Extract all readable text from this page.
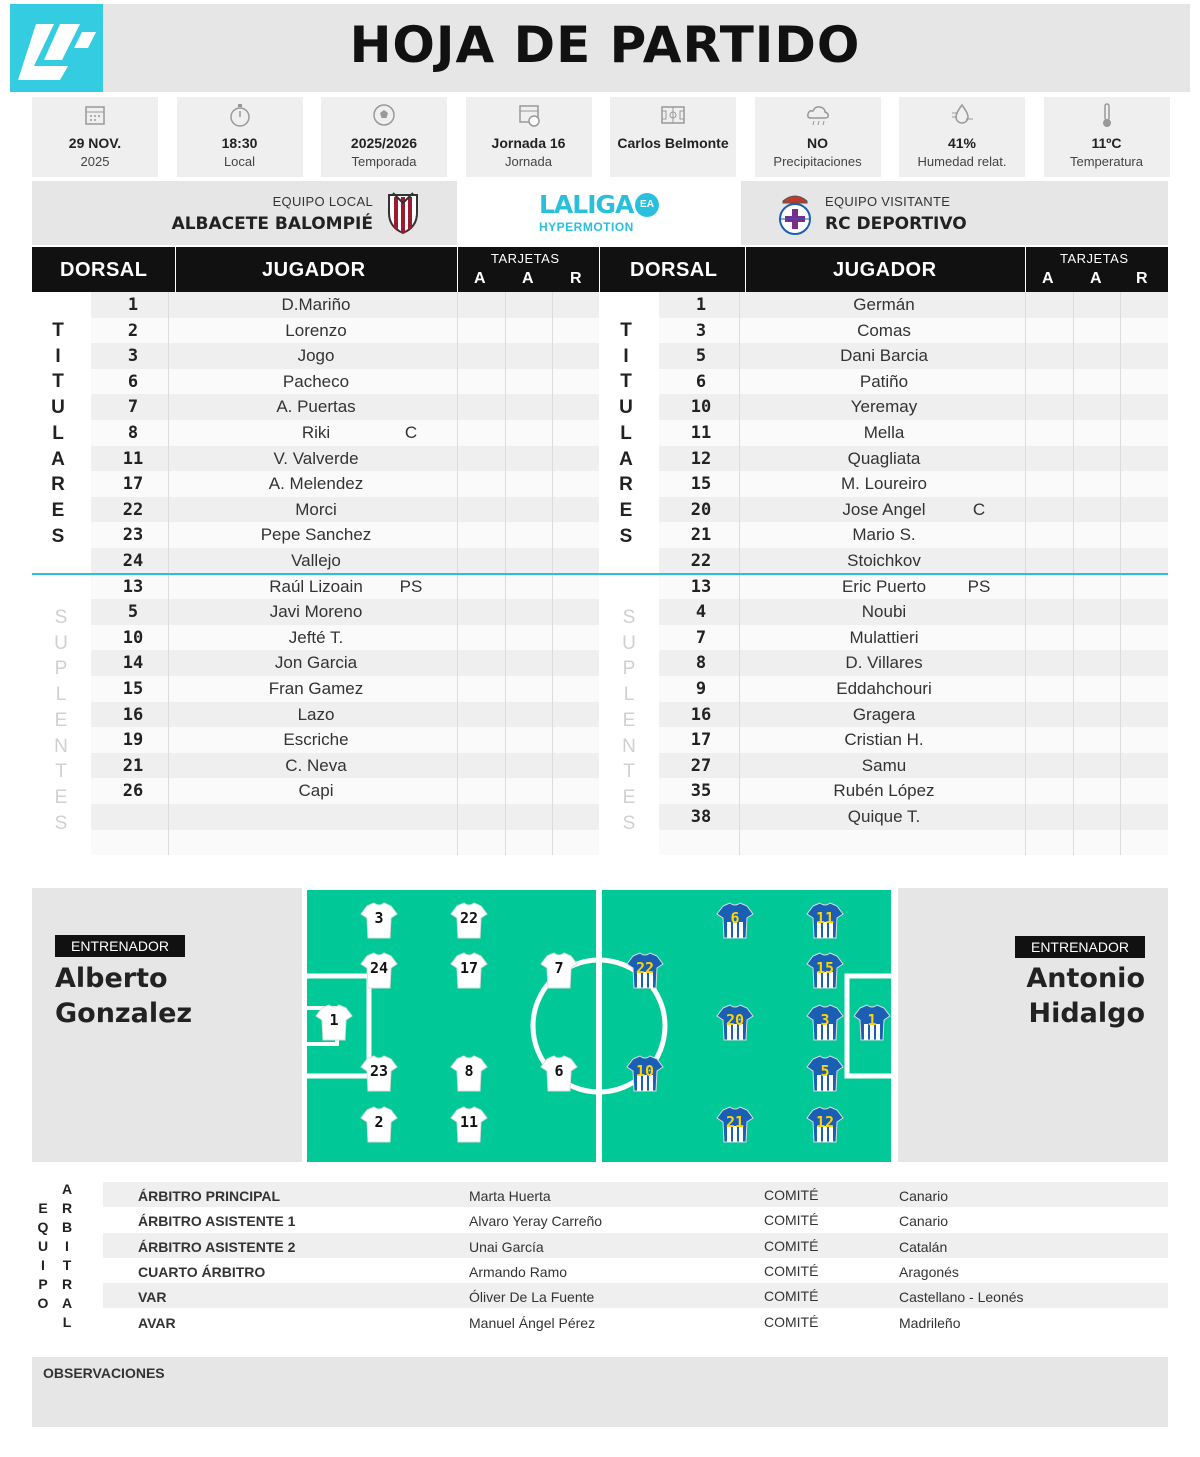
HOJA DE PARTIDO
29 NOV.
2025
18:30
Local
2025/2026
Temporada
Jornada 16
Jornada
Carlos Belmonte	NO
Precipitaciones
41%
Humedad relat.
11ºC
Temperatura
EQUIPO LOCAL
ALBACETE BALOMPIÉ
LALIGA EA
HYPERMOTION
EQUIPO VISITANTE
RC DEPORTIVO
DORSAL	JUGADOR
TARJETAS
A A R DORSAL	JUGADOR
TARJETAS
A A R
1	D.Mariño
2	Lorenzo
3	Jogo
6	Pacheco
7	A. Puertas
8	Riki	C
11	V. Valverde
17	A. Melendez
22	Morci
23	Pepe Sanchez
24	Vallejo
13	Raúl Lizoain	PS
5	Javi Moreno
10	Jefté T.
14	Jon Garcia
15	Fran Gamez
16	Lazo
19	Escriche
21	C. Neva
26	Capi
T
I
T
U
L
A
R
E
S
S
U
P
L
E
N
T
E
S
1	Germán
3	Comas
5	Dani Barcia
6	Patiño
10	Yeremay
11	Mella
12	Quagliata
15	M. Loureiro
20	Jose Angel	C
21	Mario S.
22	Stoichkov
13	Eric Puerto	PS
4	Noubi
7	Mulattieri
8	D. Villares
9	Eddahchouri
16	Gragera
17	Cristian H.
27	Samu
35	Rubén López
38	Quique T.
T
I
T
U
L
A
R
E
S
S
U
P
L
E
N
T
E
S
ENTRENADOR
Alberto
Gonzalez
ENTRENADOR
Antonio
Hidalgo
1
23
24
2
3
8
17
11
22
6
7
1
3
15
5
12
20
11
21
6
22
10
E
Q
U
I
P
O
A
R
B
I
T
R
A
L
ÁRBITRO PRINCIPAL	Marta Huerta	COMITÉ	Canario
ÁRBITRO ASISTENTE 1	Alvaro Yeray Carreño	COMITÉ	Canario
ÁRBITRO ASISTENTE 2	Unai García	COMITÉ	Catalán
CUARTO ÁRBITRO	Armando Ramo	COMITÉ	Aragonés
VAR	Óliver De La Fuente	COMITÉ	Castellano - Leonés
AVAR	Manuel Ángel Pérez	COMITÉ	Madrileño
OBSERVACIONES
